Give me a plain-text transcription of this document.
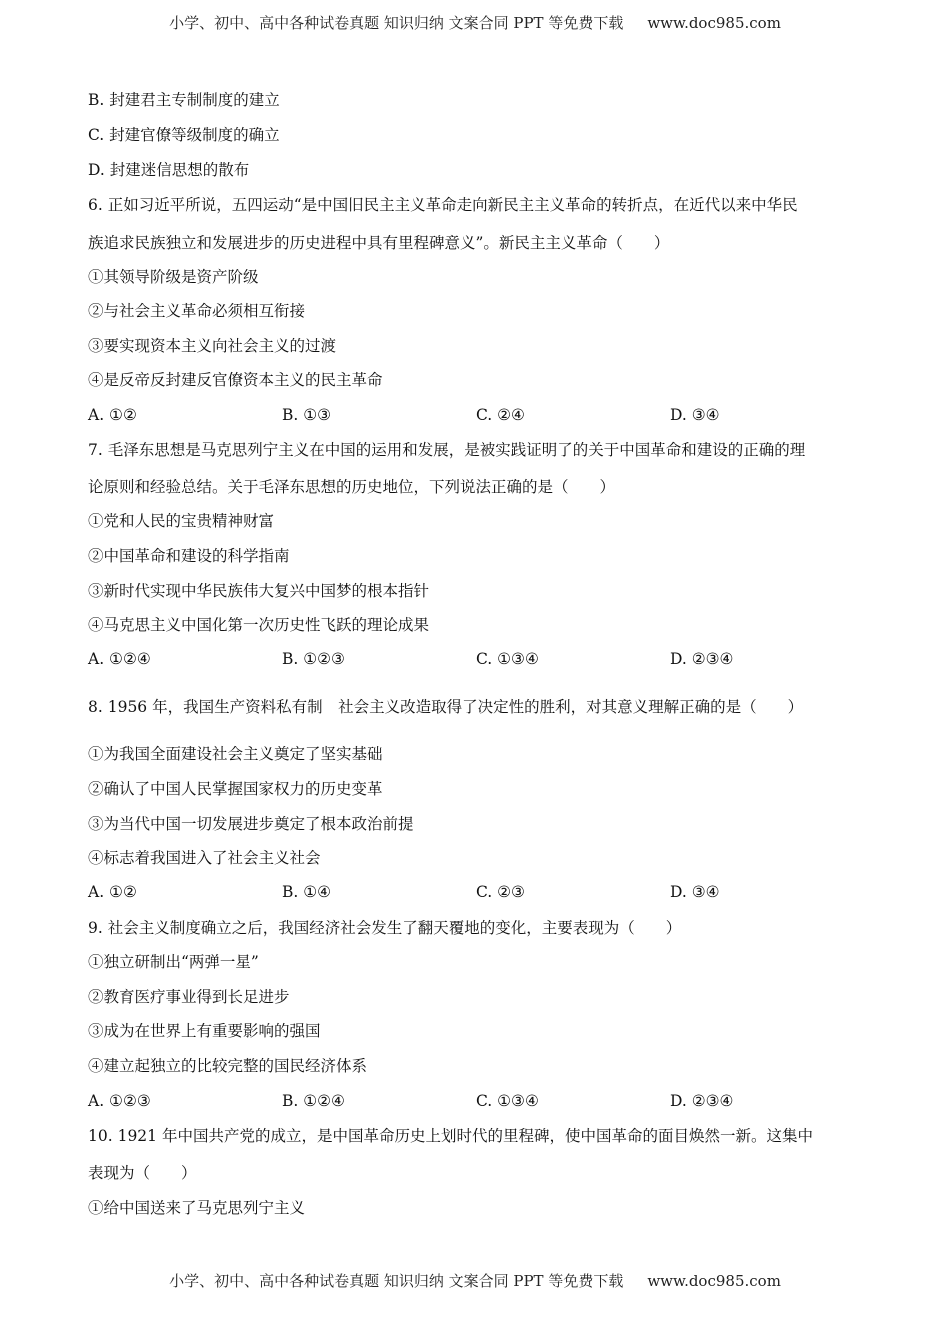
小学、初中、高中各种试卷真题 知识归纳 文案合同 PPT 等免费下载 www.doc985.com
B. 封建君主专制制度的建立
C. 封建官僚等级制度的确立
D. 封建迷信思想的散布
6. 正如习近平所说，五四运动“是中国旧民主主义革命走向新民主主义革命的转折点，在近代以来中华民
族追求民族独立和发展进步的历史进程中具有里程碑意义”。新民主主义革命（　　）
①其领导阶级是资产阶级
②与社会主义革命必须相互衔接
③要实现资本主义向社会主义的过渡
④是反帝反封建反官僚资本主义的民主革命
A. ①②	B. ①③	C. ②④	D. ③④
7. 毛泽东思想是马克思列宁主义在中国的运用和发展，是被实践证明了的关于中国革命和建设的正确的理
论原则和经验总结。关于毛泽东思想的历史地位，下列说法正确的是（　　）
①党和人民的宝贵精神财富
②中国革命和建设的科学指南
③新时代实现中华民族伟大复兴中国梦的根本指针
④马克思主义中国化第一次历史性飞跃的理论成果
A. ①②④	B. ①②③	C. ①③④	D. ②③④
8. 1956 年，我国生产资料私有制　社会主义改造取得了决定性的胜利，对其意义理解正确的是（　　）
①为我国全面建设社会主义奠定了坚实基础
②确认了中国人民掌握国家权力的历史变革
③为当代中国一切发展进步奠定了根本政治前提
④标志着我国进入了社会主义社会
A. ①②	B. ①④	C. ②③	D. ③④
9. 社会主义制度确立之后，我国经济社会发生了翻天覆地的变化，主要表现为（　　）
①独立研制出“两弹一星”
②教育医疗事业得到长足进步
③成为在世界上有重要影响的强国
④建立起独立的比较完整的国民经济体系
A. ①②③	B. ①②④	C. ①③④	D. ②③④
10. 1921 年中国共产党的成立，是中国革命历史上划时代的里程碑，使中国革命的面目焕然一新。这集中
表现为（　　）
①给中国送来了马克思列宁主义
小学、初中、高中各种试卷真题 知识归纳 文案合同 PPT 等免费下载 www.doc985.com
